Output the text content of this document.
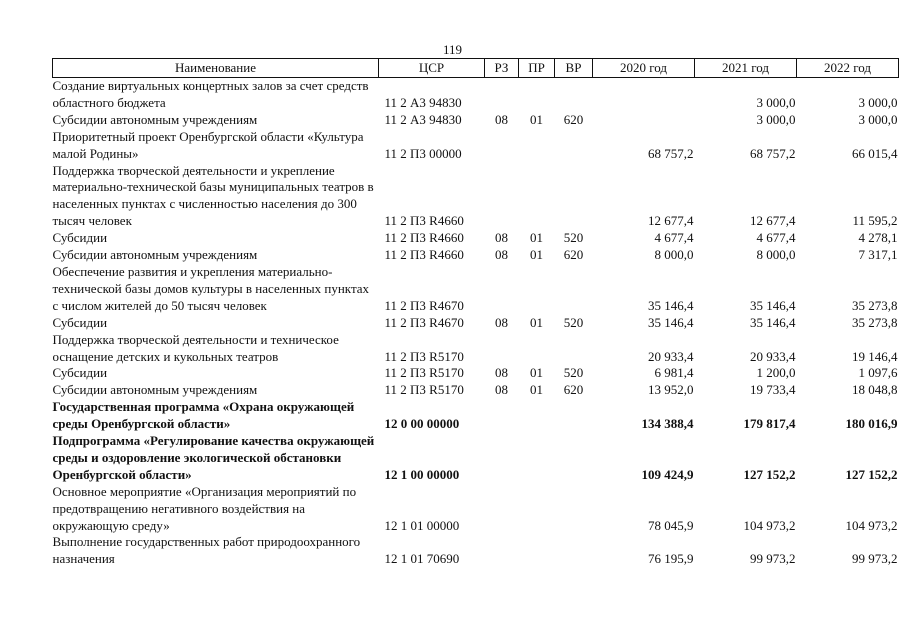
119
Наименование	ЦСР	РЗ	ПР	ВР	2020 год	2021 год	2022 год
Создание виртуальных концертных залов за счет средств областного бюджета	11 2 А3 94830					3 000,0	3 000,0
Субсидии автономным учреждениям	11 2 А3 94830	08	01	620		3 000,0	3 000,0
Приоритетный проект Оренбургской области «Культура малой Родины»	11 2 П3 00000				68 757,2	68 757,2	66 015,4
Поддержка творческой деятельности и укрепление материально-технической базы муниципальных театров в населенных пунктах с численностью населения до 300 тысяч человек	11 2 П3 R4660				12 677,4	12 677,4	11 595,2
Субсидии	11 2 П3 R4660	08	01	520	4 677,4	4 677,4	4 278,1
Субсидии автономным учреждениям	11 2 П3 R4660	08	01	620	8 000,0	8 000,0	7 317,1
Обеспечение развития и укрепления материально-технической базы домов культуры в населенных пунктах с числом жителей до 50 тысяч человек	11 2 П3 R4670				35 146,4	35 146,4	35 273,8
Субсидии	11 2 П3 R4670	08	01	520	35 146,4	35 146,4	35 273,8
Поддержка творческой деятельности и техническое оснащение детских и кукольных театров	11 2 П3 R5170				20 933,4	20 933,4	19 146,4
Субсидии	11 2 П3 R5170	08	01	520	6 981,4	1 200,0	1 097,6
Субсидии автономным учреждениям	11 2 П3 R5170	08	01	620	13 952,0	19 733,4	18 048,8
Государственная программа «Охрана окружающей среды Оренбургской области»	12 0 00 00000				134 388,4	179 817,4	180 016,9
Подпрограмма «Регулирование качества окружающей среды и оздоровление экологической обстановки Оренбургской области»	12 1 00 00000				109 424,9	127 152,2	127 152,2
Основное мероприятие «Организация мероприятий по предотвращению негативного воздействия на окружающую среду»	12 1 01 00000				78 045,9	104 973,2	104 973,2
Выполнение государственных работ природоохранного назначения	12 1 01 70690				76 195,9	99 973,2	99 973,2
